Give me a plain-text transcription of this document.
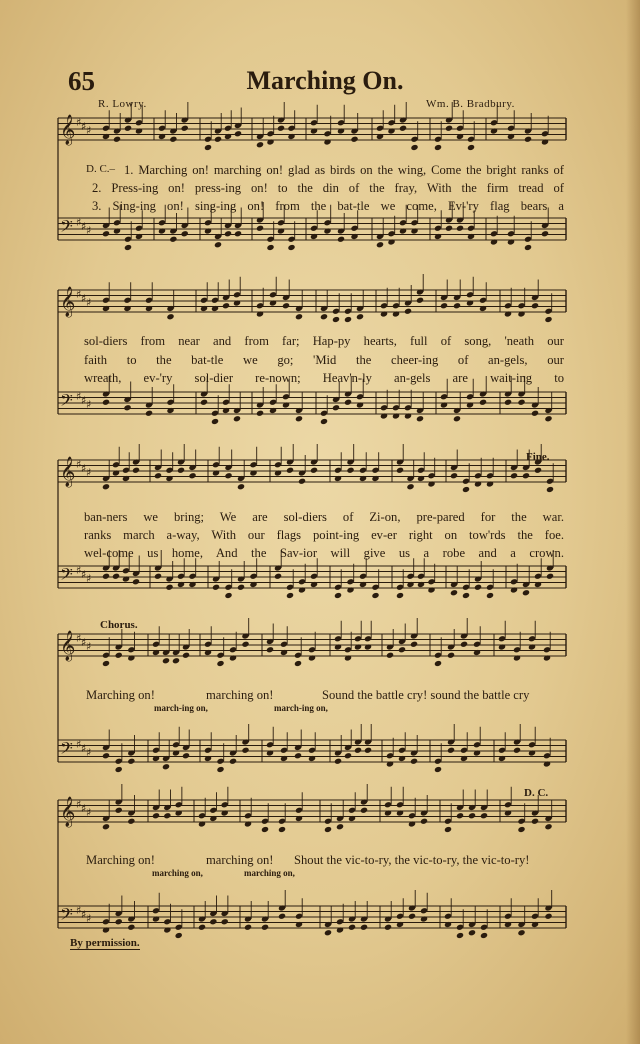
65	Marching On.
R. Lowry.	Wm. B. Bradbury.
𝄞 ♯ ♯ ♯
𝄢 ♯ ♯ ♯
𝄞 ♯ ♯ ♯
𝄢 ♯ ♯ ♯
𝄞 ♯ ♯ ♯
𝄢 ♯ ♯ ♯
𝄞 ♯ ♯ ♯
𝄢 ♯ ♯ ♯
𝄞 ♯ ♯ ♯
𝄢 ♯ ♯ ♯
D. C.– 1. Marching on! marching on! glad as birds on the wing, Come the bright ranks of
2. Press-ing on! press-ing on! to the din of the fray, With the firm tread of
3. Sing-ing on! sing-ing on! from the bat-tle we come, Ev-'ry flag bears a
sol-diers from near and from far; Hap-py hearts, full of song, 'neath our
faith to the bat-tle we go; 'Mid the cheer-ing of an-gels, our
wreath, ev-'ry sol-dier re-nown; Heav'n-ly an-gels are wait-ing to
Fine.
ban-ners we bring; We are sol-diers of Zi-on, pre-pared for the war.
ranks march a-way, With our flags point-ing ev-er right on tow'rds the foe.
wel-come us home, And the Sav-ior will give us a robe and a crown.
Chorus.
Marching on!	marching on!	Sound the battle cry! sound the battle cry
march-ing on,	march-ing on,
D. C.
Marching on!	marching on! Shout the vic-to-ry, the vic-to-ry, the vic-to-ry!
marching on,	marching on,
By permission.
